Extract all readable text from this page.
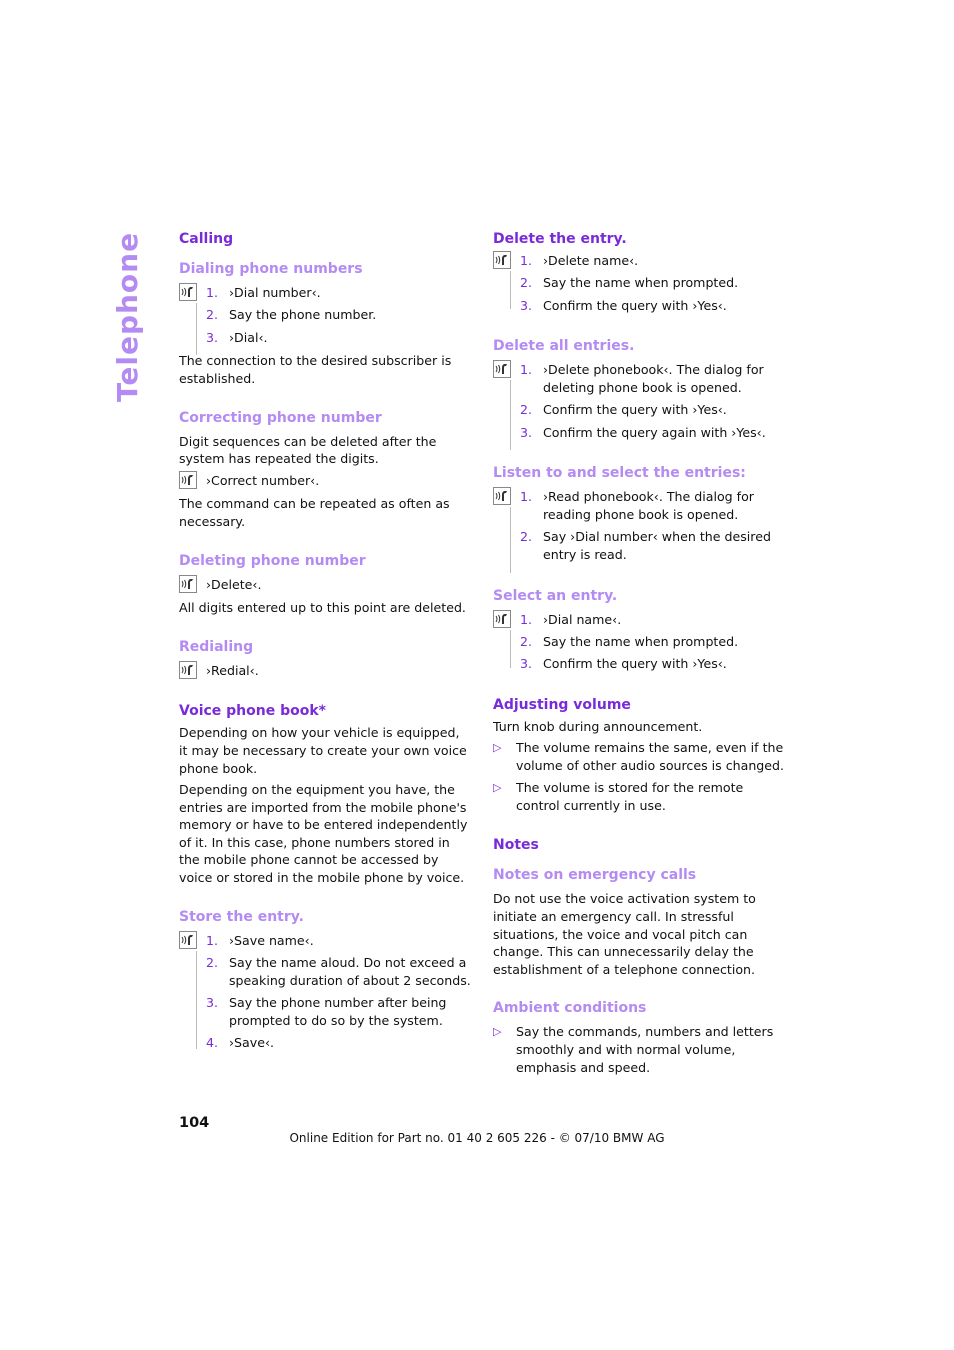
Telephone	Calling
Dialing phone numbers
1. ›Dial number‹.
2. Say the phone number.
3. ›Dial‹.
The connection to the desired subscriber is established.
Correcting phone number
Digit sequences can be deleted after the system has repeated the digits.
›Correct number‹.
The command can be repeated as often as necessary.
Deleting phone number
›Delete‹.
All digits entered up to this point are deleted.
Redialing
›Redial‹.
Voice phone book*
Depending on how your vehicle is equipped, it may be necessary to create your own voice phone book.
Depending on the equipment you have, the entries are imported from the mobile phone's memory or have to be entered independently of it. In this case, phone numbers stored in the mobile phone cannot be accessed by voice or stored in the mobile phone by voice.
Store the entry.
1. ›Save name‹.
2. Say the name aloud. Do not exceed a speaking duration of about 2 seconds.
3. Say the phone number after being prompted to do so by the system.
4. ›Save‹.
Delete the entry.
1. ›Delete name‹.
2. Say the name when prompted.
3. Confirm the query with ›Yes‹.
Delete all entries.
1. ›Delete phonebook‹. The dialog for deleting phone book is opened.
2. Confirm the query with ›Yes‹.
3. Confirm the query again with ›Yes‹.
Listen to and select the entries:
1. ›Read phonebook‹. The dialog for reading phone book is opened.
2. Say ›Dial number‹ when the desired entry is read.
Select an entry.
1. ›Dial name‹.
2. Say the name when prompted.
3. Confirm the query with ›Yes‹.
Adjusting volume
Turn knob during announcement.
▷ The volume remains the same, even if the volume of other audio sources is changed.
▷ The volume is stored for the remote control currently in use.
Notes
Notes on emergency calls
Do not use the voice activation system to initiate an emergency call. In stressful situations, the voice and vocal pitch can change. This can unnecessarily delay the establishment of a telephone connection.
Ambient conditions
▷ Say the commands, numbers and letters smoothly and with normal volume, emphasis and speed.
104
Online Edition for Part no. 01 40 2 605 226 - © 07/10 BMW AG
